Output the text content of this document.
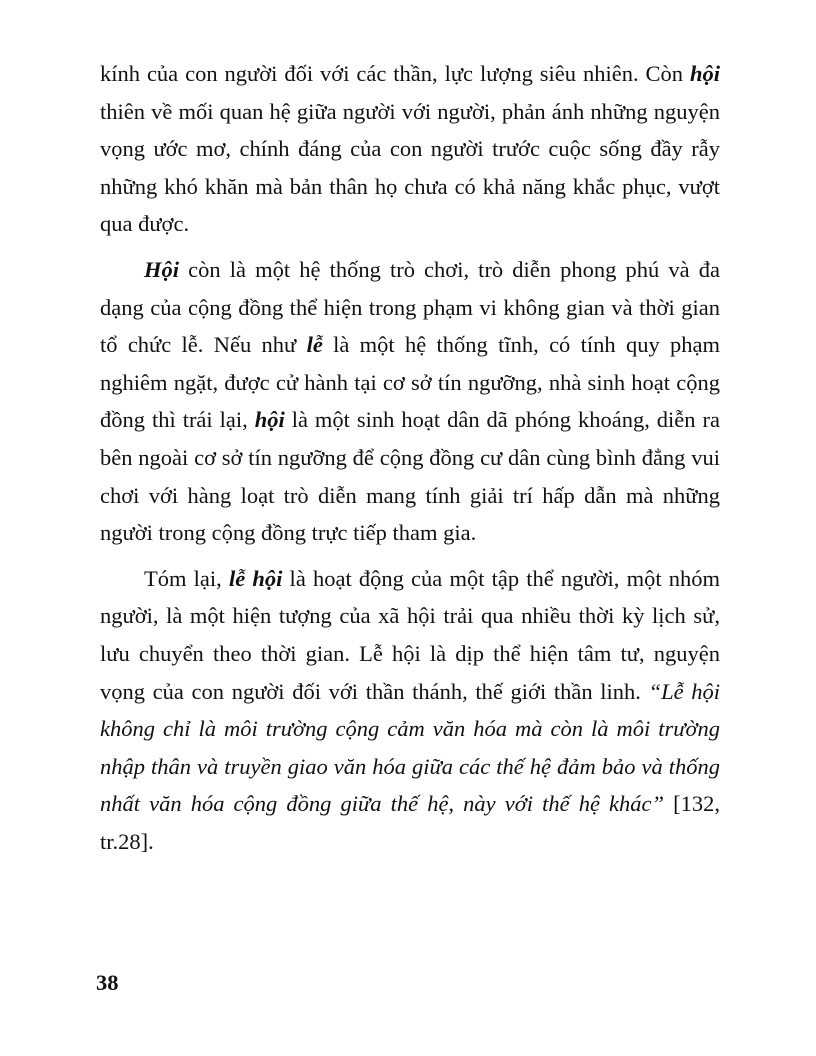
kính của con người đối với các thần, lực lượng siêu nhiên. Còn hội thiên về mối quan hệ giữa người với người, phản ánh những nguyện vọng ước mơ, chính đáng của con người trước cuộc sống đầy rẫy những khó khăn mà bản thân họ chưa có khả năng khắc phục, vượt qua được.

Hội còn là một hệ thống trò chơi, trò diễn phong phú và đa dạng của cộng đồng thể hiện trong phạm vi không gian và thời gian tổ chức lễ. Nếu như lễ là một hệ thống tĩnh, có tính quy phạm nghiêm ngặt, được cử hành tại cơ sở tín ngưỡng, nhà sinh hoạt cộng đồng thì trái lại, hội là một sinh hoạt dân dã phóng khoáng, diễn ra bên ngoài cơ sở tín ngưỡng để cộng đồng cư dân cùng bình đẳng vui chơi với hàng loạt trò diễn mang tính giải trí hấp dẫn mà những người trong cộng đồng trực tiếp tham gia.

Tóm lại, lễ hội là hoạt động của một tập thể người, một nhóm người, là một hiện tượng của xã hội trải qua nhiều thời kỳ lịch sử, lưu chuyển theo thời gian. Lễ hội là dịp thể hiện tâm tư, nguyện vọng của con người đối với thần thánh, thế giới thần linh. “Lễ hội không chỉ là môi trường cộng cảm văn hóa mà còn là môi trường nhập thân và truyền giao văn hóa giữa các thế hệ đảm bảo và thống nhất văn hóa cộng đồng giữa thế hệ, này với thế hệ khác” [132, tr.28].

38
